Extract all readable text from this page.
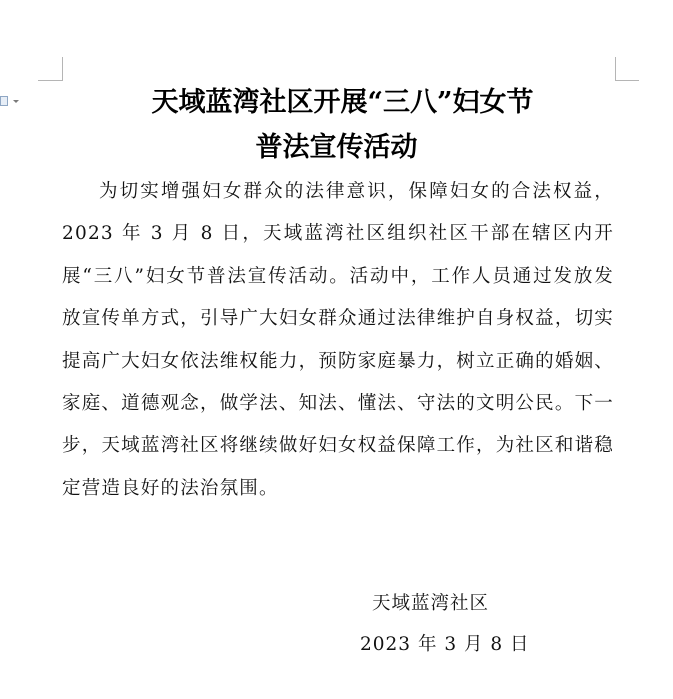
天域蓝湾社区开展“三八”妇女节
普法宣传活动

为切实增强妇女群众的法律意识，保障妇女的合法权益，2023 年 3 月 8 日，天域蓝湾社区组织社区干部在辖区内开展“三八”妇女节普法宣传活动。活动中，工作人员通过发放发放宣传单方式，引导广大妇女群众通过法律维护自身权益，切实提高广大妇女依法维权能力，预防家庭暴力，树立正确的婚姻、家庭、道德观念，做学法、知法、懂法、守法的文明公民。下一步，天域蓝湾社区将继续做好妇女权益保障工作，为社区和谐稳定营造良好的法治氛围。

天域蓝湾社区
2023 年 3 月 8 日
